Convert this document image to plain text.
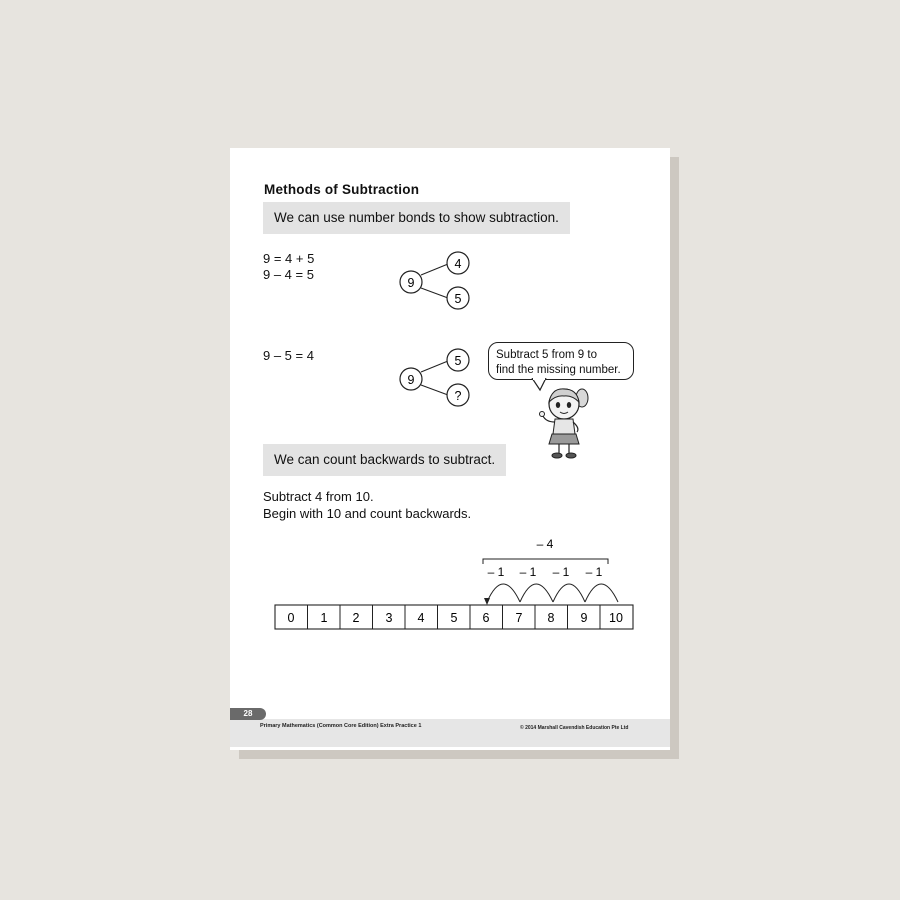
Methods of Subtraction
We can use number bonds to show subtraction.
9 = 4 + 5
9 – 4 = 5
9
4
5
9 – 5 = 4
9
5
?
Subtract 5 from 9 to
find the missing number.
We can count backwards to subtract.
Subtract 4 from 10.
Begin with 10 and count backwards.
– 4
– 1 – 1 – 1 – 1
0 1 2 3 4 5 6 7 8 9 10
28
Primary Mathematics (Common Core Edition) Extra Practice 1	© 2014 Marshall Cavendish Education Pte Ltd
